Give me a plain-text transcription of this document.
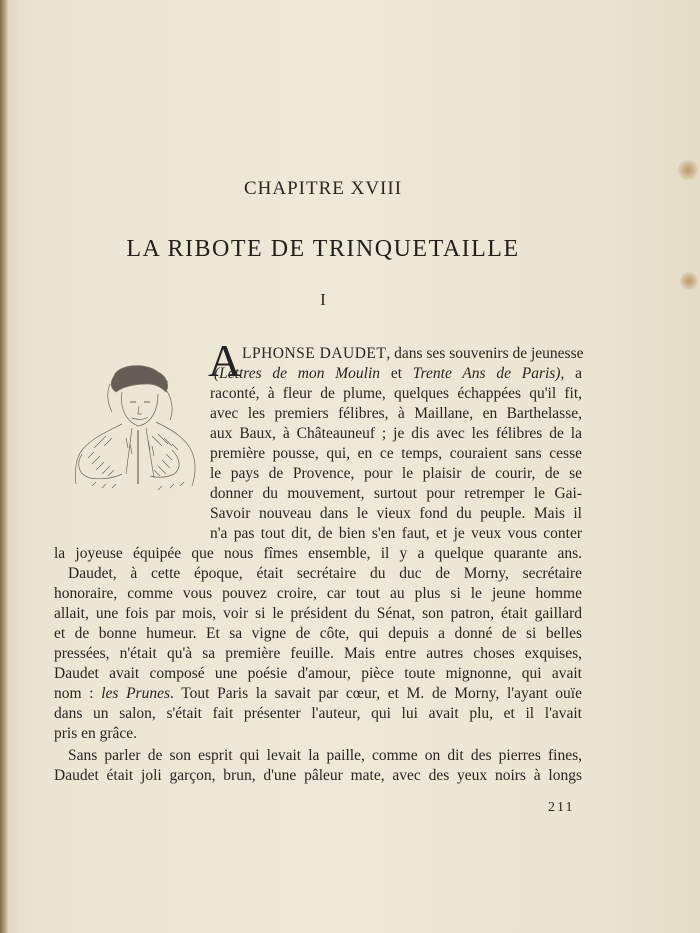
CHAPITRE XVIII
LA RIBOTE DE TRINQUETAILLE
I
A LPHONSE DAUDET, dans ses souvenirs de jeunesse
(Lettres de mon Moulin et Trente Ans de Paris), a
raconté, à fleur de plume, quelques échappées qu'il fit,
avec les premiers félibres, à Maillane, en Barthelasse,
aux Baux, à Châteauneuf ; je dis avec les félibres de la
première pousse, qui, en ce temps, couraient sans cesse
le pays de Provence, pour le plaisir de courir, de se
donner du mouvement, surtout pour retremper le Gai-
Savoir nouveau dans le vieux fond du peuple. Mais il
n'a pas tout dit, de bien s'en faut, et je veux vous conter
la joyeuse équipée que nous fîmes ensemble, il y a quelque quarante ans.
Daudet, à cette époque, était secrétaire du duc de Morny, secrétaire
honoraire, comme vous pouvez croire, car tout au plus si le jeune homme
allait, une fois par mois, voir si le président du Sénat, son patron, était gaillard
et de bonne humeur. Et sa vigne de côte, qui depuis a donné de si belles
pressées, n'était qu'à sa première feuille. Mais entre autres choses exquises,
Daudet avait composé une poésie d'amour, pièce toute mignonne, qui avait
nom : les Prunes. Tout Paris la savait par cœur, et M. de Morny, l'ayant ouïe
dans un salon, s'était fait présenter l'auteur, qui lui avait plu, et il l'avait
pris en grâce.
Sans parler de son esprit qui levait la paille, comme on dit des pierres fines,
Daudet était joli garçon, brun, d'une pâleur mate, avec des yeux noirs à longs
211
